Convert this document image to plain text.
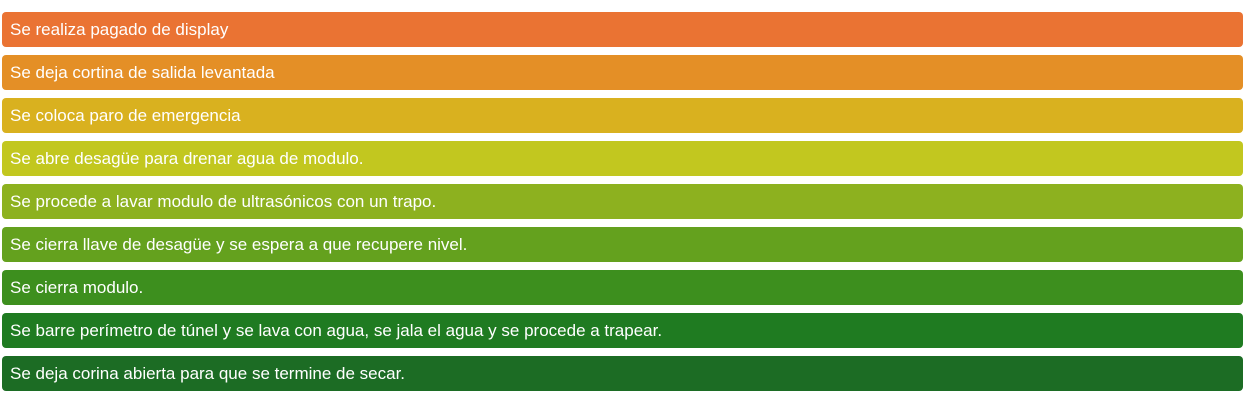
Se realiza pagado de display
Se deja cortina de salida levantada
Se coloca paro de emergencia
Se abre desagüe para drenar agua de modulo.
Se procede a lavar modulo de ultrasónicos con un trapo.
Se cierra llave de desagüe y se espera a que recupere nivel.
Se cierra modulo.
Se barre perímetro de túnel y se lava con agua, se jala el agua y se procede a trapear.
Se deja corina abierta para que se termine de secar.
